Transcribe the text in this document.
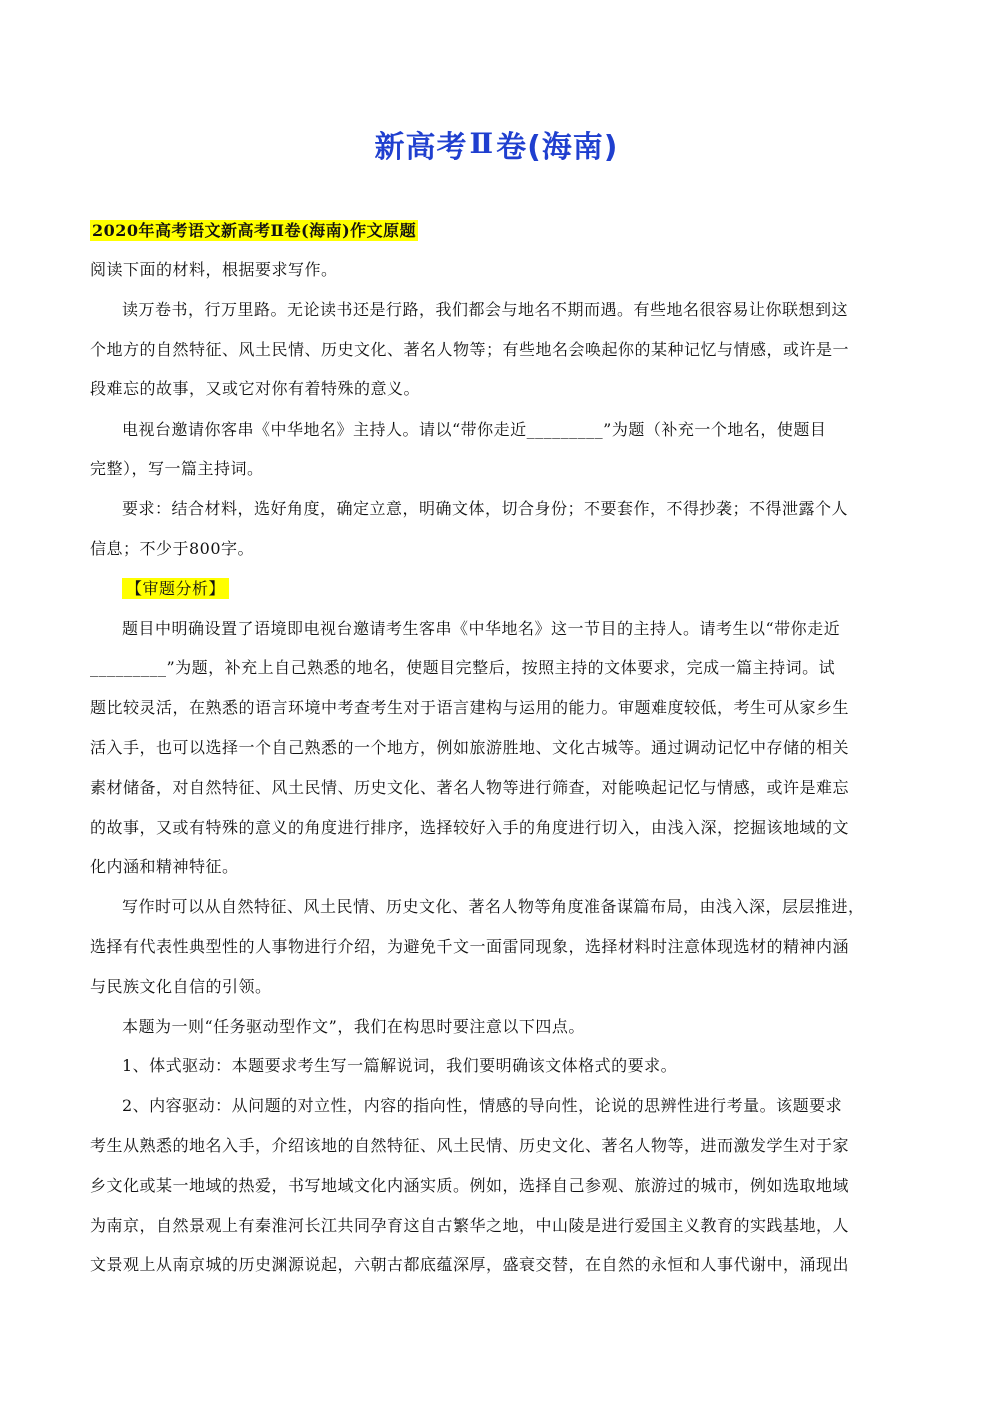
新高考Ⅱ卷(海南)
2020年高考语文新高考Ⅱ卷(海南)作文原题
阅读下面的材料，根据要求写作。
读万卷书，行万里路。无论读书还是行路，我们都会与地名不期而遇。有些地名很容易让你联想到这
个地方的自然特征、风土民情、历史文化、著名人物等；有些地名会唤起你的某种记忆与情感，或许是一
段难忘的故事，又或它对你有着特殊的意义。
电视台邀请你客串《中华地名》主持人。请以“带你走近_________”为题（补充一个地名，使题目
完整），写一篇主持词。
要求：结合材料，选好角度，确定立意，明确文体，切合身份；不要套作，不得抄袭；不得泄露个人
信息；不少于800字。
【审题分析】
题目中明确设置了语境即电视台邀请考生客串《中华地名》这一节目的主持人。请考生以“带你走近
_________”为题，补充上自己熟悉的地名，使题目完整后，按照主持的文体要求，完成一篇主持词。试
题比较灵活，在熟悉的语言环境中考查考生对于语言建构与运用的能力。审题难度较低，考生可从家乡生
活入手，也可以选择一个自己熟悉的一个地方，例如旅游胜地、文化古城等。通过调动记忆中存储的相关
素材储备，对自然特征、风土民情、历史文化、著名人物等进行筛查，对能唤起记忆与情感，或许是难忘
的故事，又或有特殊的意义的角度进行排序，选择较好入手的角度进行切入，由浅入深，挖掘该地域的文
化内涵和精神特征。
写作时可以从自然特征、风土民情、历史文化、著名人物等角度准备谋篇布局，由浅入深，层层推进，
选择有代表性典型性的人事物进行介绍，为避免千文一面雷同现象，选择材料时注意体现选材的精神内涵
与民族文化自信的引领。
本题为一则“任务驱动型作文”，我们在构思时要注意以下四点。
1、体式驱动：本题要求考生写一篇解说词，我们要明确该文体格式的要求。
2、内容驱动：从问题的对立性，内容的指向性，情感的导向性，论说的思辨性进行考量。该题要求
考生从熟悉的地名入手，介绍该地的自然特征、风土民情、历史文化、著名人物等，进而激发学生对于家
乡文化或某一地域的热爱，书写地域文化内涵实质。例如，选择自己参观、旅游过的城市，例如选取地域
为南京，自然景观上有秦淮河长江共同孕育这自古繁华之地，中山陵是进行爱国主义教育的实践基地，人
文景观上从南京城的历史渊源说起，六朝古都底蕴深厚，盛衰交替，在自然的永恒和人事代谢中，涌现出
